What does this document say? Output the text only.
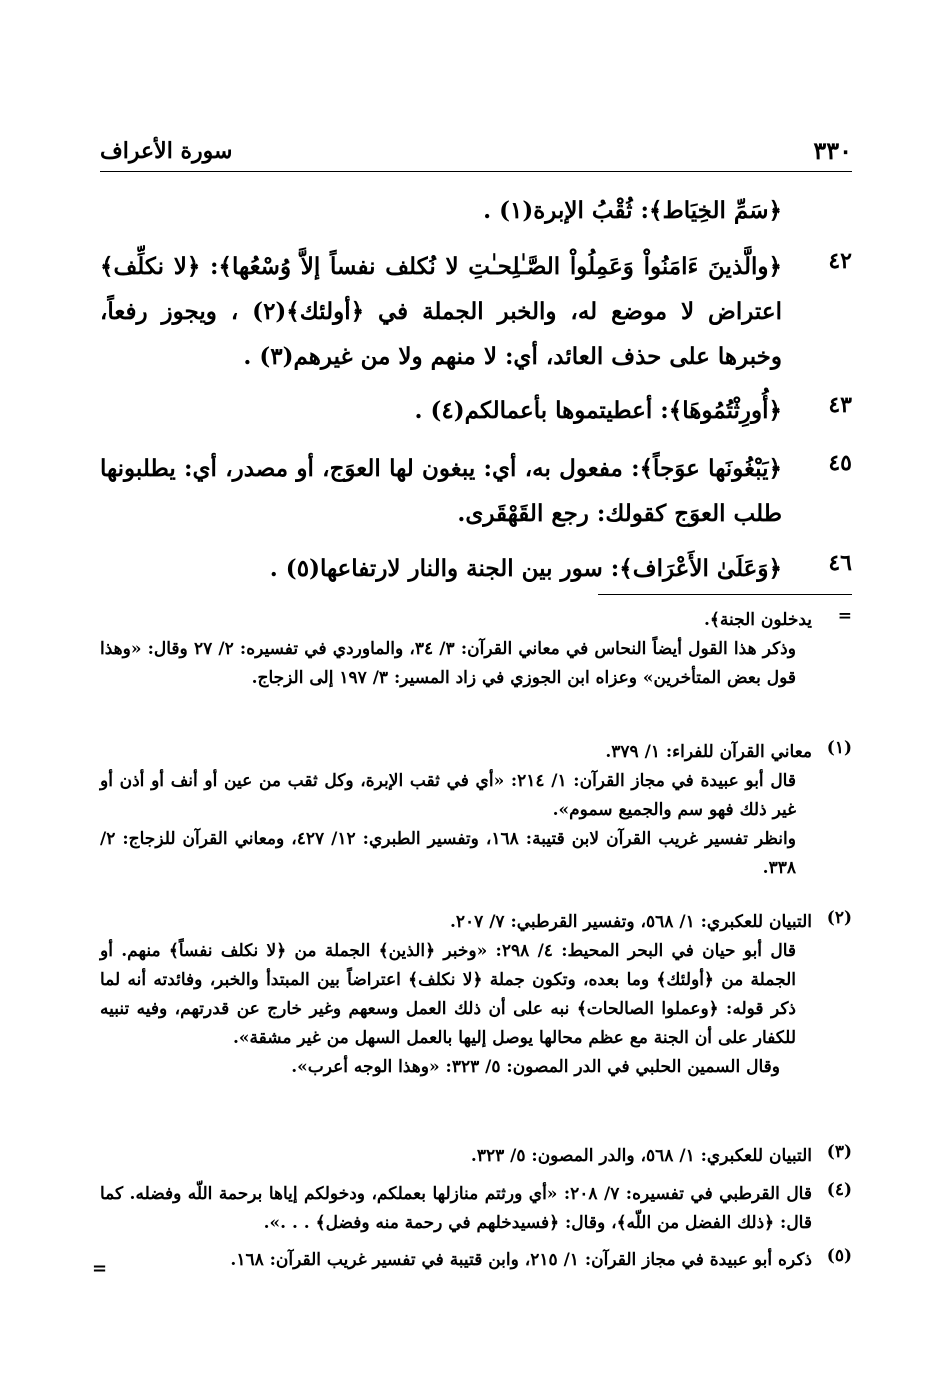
٣٣٠
سورة الأعراف
﴿سَمِّ الخِيَاط﴾: ثُقْبُ الإبرة(١) .
٤٢
﴿والَّذينَ ءَامَنُواْ وَعَمِلُواْ الصَّـٰلِحـٰتِ لا نُكلف نفساً إلاَّ وُسْعُها﴾: ﴿لا نكلِّف﴾ اعتراض لا موضع له، والخبر الجملة في ﴿أولئك﴾(٢) ، ويجوز رفعاً، وخبرها على حذف العائد، أي: لا منهم ولا من غيرهم(٣) .
٤٣
﴿أُورِثْتُمُوهَا﴾: أعطيتموها بأعمالكم(٤) .
٤٥
﴿يَبْغُونَها عوَجاً﴾: مفعول به، أي: يبغون لها العوَج، أو مصدر، أي: يطلبونها طلب العوَج كقولك: رجع القَهْقَرى.
٤٦
﴿وَعَلَىٰ الأَعْرَاف﴾: سور بين الجنة والنار لارتفاعها(٥) .
=
يدخلون الجنة﴾.
وذكر هذا القول أيضاً النحاس في معاني القرآن: ٣/ ٣٤، والماوردي في تفسيره: ٢/ ٢٧ وقال: «وهذا قول بعض المتأخرين» وعزاه ابن الجوزي في زاد المسير: ٣/ ١٩٧ إلى الزجاج.
(١)
معاني القرآن للفراء: ١/ ٣٧٩.
قال أبو عبيدة في مجاز القرآن: ١/ ٢١٤: «أي في ثقب الإبرة، وكل ثقب من عين أو أنف أو أذن أو غير ذلك فهو سم والجميع سموم».
وانظر تفسير غريب القرآن لابن قتيبة: ١٦٨، وتفسير الطبري: ١٢/ ٤٢٧، ومعاني القرآن للزجاج: ٢/ ٣٣٨.
(٢)
التبيان للعكبري: ١/ ٥٦٨، وتفسير القرطبي: ٧/ ٢٠٧.
قال أبو حيان في البحر المحيط: ٤/ ٢٩٨: «وخبر ﴿الذين﴾ الجملة من ﴿لا نكلف نفساً﴾ منهم. أو الجملة من ﴿أولئك﴾ وما بعده، وتكون جملة ﴿لا نكلف﴾ اعتراضاً بين المبتدأ والخبر، وفائدته أنه لما ذكر قوله: ﴿وعملوا الصالحات﴾ نبه على أن ذلك العمل وسعهم وغير خارج عن قدرتهم، وفيه تنبيه للكفار على أن الجنة مع عظم محالها يوصل إليها بالعمل السهل من غير مشقة».
وقال السمين الحلبي في الدر المصون: ٥/ ٣٢٣: «وهذا الوجه أعرب».
(٣)
التبيان للعكبري: ١/ ٥٦٨، والدر المصون: ٥/ ٣٢٣.
(٤)
قال القرطبي في تفسيره: ٧/ ٢٠٨: «أي ورثتم منازلها بعملكم، ودخولكم إياها برحمة اللّه وفضله. كما قال: ﴿ذلك الفضل من اللّه﴾، وقال: ﴿فسيدخلهم في رحمة منه وفضل﴾ . . .».
(٥)
ذكره أبو عبيدة في مجاز القرآن: ١/ ٢١٥، وابن قتيبة في تفسير غريب القرآن: ١٦٨.
=
